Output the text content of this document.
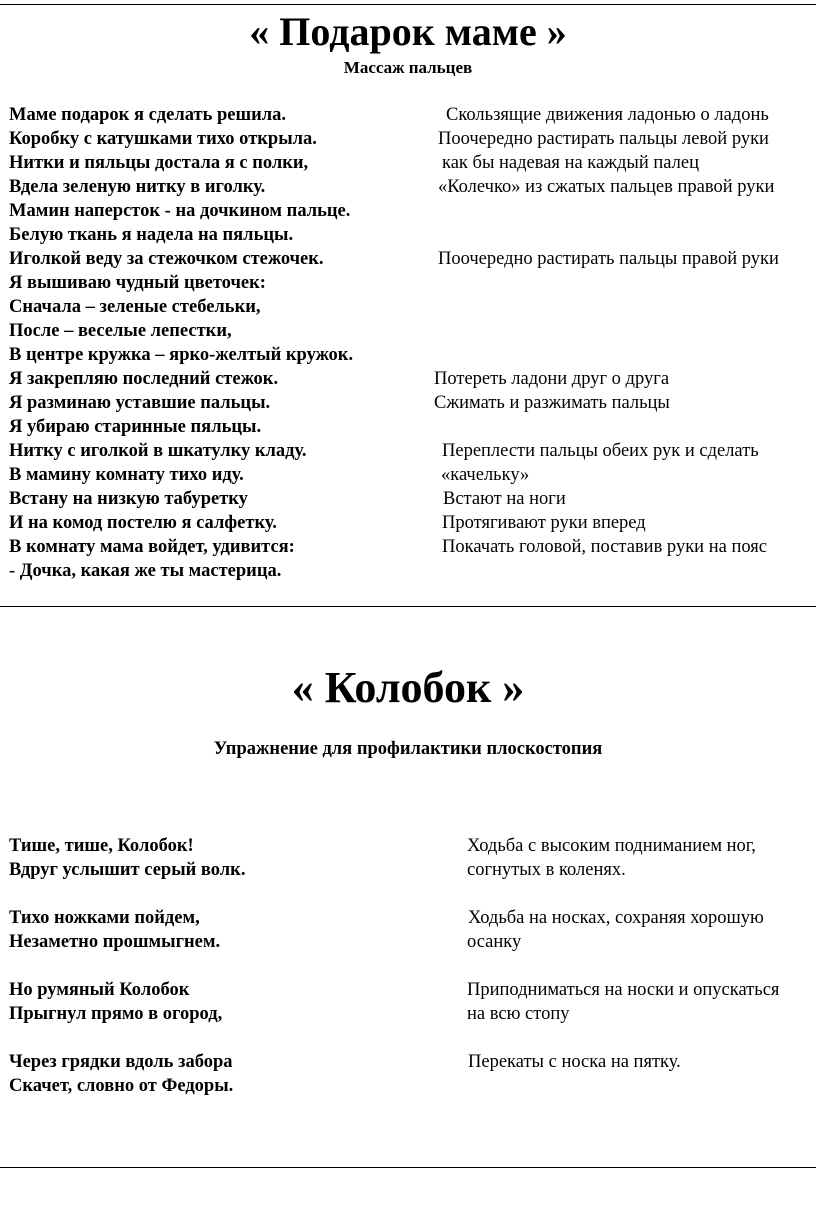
« Подарок маме »
Массаж пальцев
Маме подарок я сделать решила.
Коробку с катушками тихо открыла.
Нитки и пяльцы достала я с полки,
Вдела зеленую нитку в иголку.
Мамин наперсток - на дочкином пальце.
Белую ткань я надела на пяльцы.
Иголкой веду за стежочком стежочек.
Я вышиваю чудный цветочек:
Сначала – зеленые стебельки,
После – веселые лепестки,
В центре кружка – ярко-желтый кружок.
Я закрепляю последний стежок.
Я разминаю уставшие пальцы.
Я убираю старинные пяльцы.
Нитку с иголкой в шкатулку кладу.
В мамину комнату тихо иду.
Встану на низкую табуретку
И на комод постелю я салфетку.
В комнату мама войдет, удивится:
- Дочка, какая же ты мастерица.
Скользящие движения ладонью о ладонь
Поочередно растирать пальцы левой руки
как бы надевая на каждый палец
«Колечко» из сжатых пальцев правой руки
Поочередно растирать пальцы правой руки
Потереть ладони друг о друга
Сжимать и разжимать пальцы
Переплести пальцы обеих рук и сделать
«качельку»
Встают на ноги
Протягивают руки вперед
Покачать головой, поставив руки на пояс
« Колобок »
Упражнение для профилактики плоскостопия
Тише, тише, Колобок!
Вдруг услышит серый волк.
Тихо ножками пойдем,
Незаметно прошмыгнем.
Но румяный Колобок
Прыгнул прямо в огород,
Через грядки вдоль забора
Скачет, словно от Федоры.
Ходьба с высоким подниманием ног,
согнутых в коленях.
Ходьба на носках, сохраняя хорошую
осанку
Приподниматься на носки и опускаться
на всю стопу
Перекаты с носка на пятку.
